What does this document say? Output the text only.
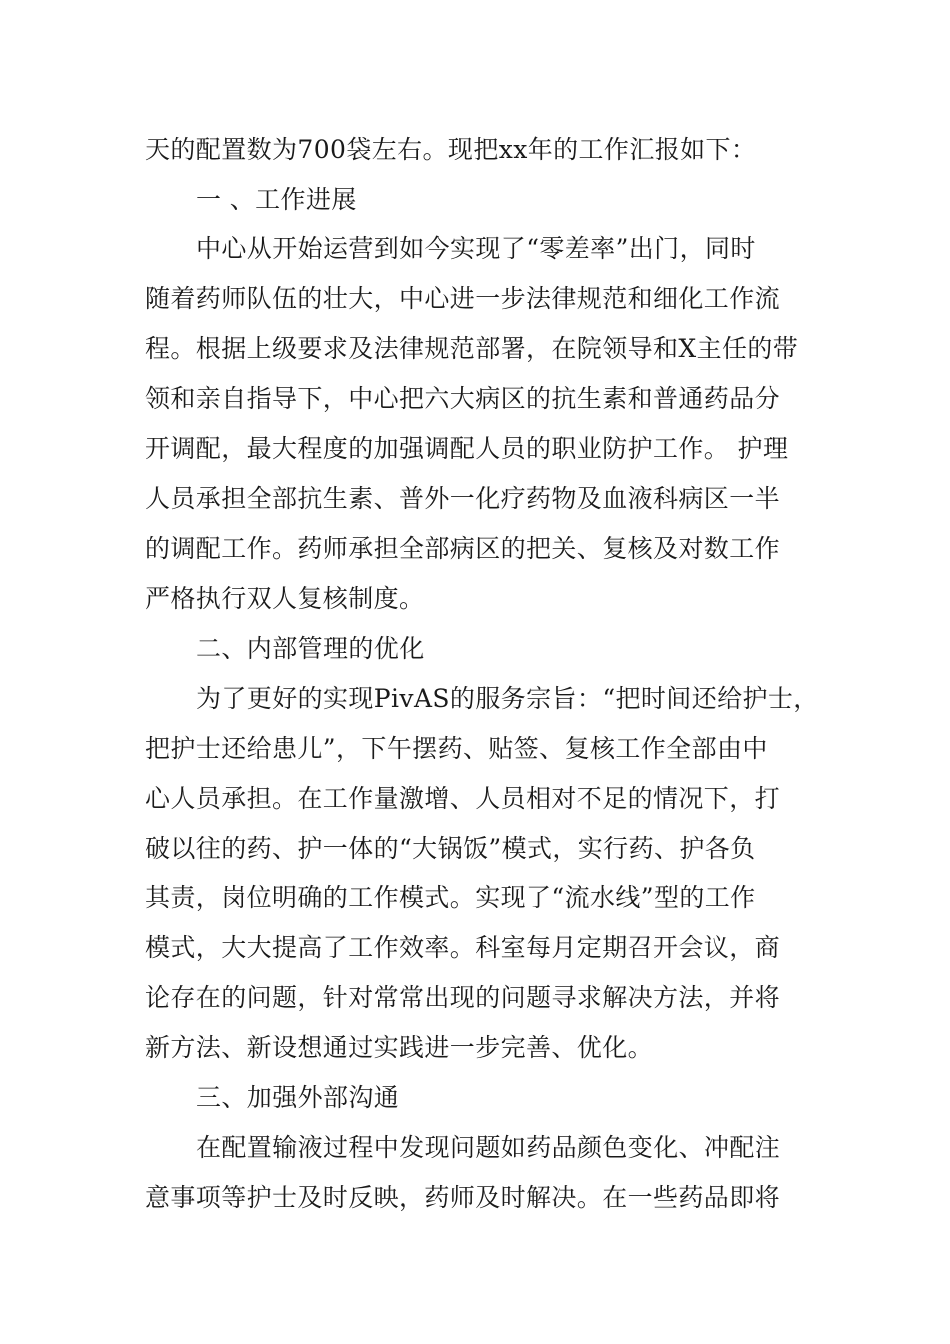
天的配置数为700袋左右。现把xx年的工作汇报如下：
一 、工作进展
中心从开始运营到如今实现了“零差率”出门，同时
随着药师队伍的壮大，中心进一步法律规范和细化工作流
程。根据上级要求及法律规范部署，在院领导和X主任的带
领和亲自指导下，中心把六大病区的抗生素和普通药品分
开调配，最大程度的加强调配人员的职业防护工作。 护理
人员承担全部抗生素、普外一化疗药物及血液科病区一半
的调配工作。药师承担全部病区的把关、复核及对数工作
严格执行双人复核制度。
二、内部管理的优化
为了更好的实现PivAS的服务宗旨：“把时间还给护士，
把护士还给患儿”，下午摆药、贴签、复核工作全部由中
心人员承担。在工作量激增、人员相对不足的情况下，打
破以往的药、护一体的“大锅饭”模式，实行药、护各负
其责，岗位明确的工作模式。实现了“流水线”型的工作
模式，大大提高了工作效率。科室每月定期召开会议，商
论存在的问题，针对常常出现的问题寻求解决方法，并将
新方法、新设想通过实践进一步完善、优化。
三、加强外部沟通
在配置输液过程中发现问题如药品颜色变化、冲配注
意事项等护士及时反映，药师及时解决。在一些药品即将
